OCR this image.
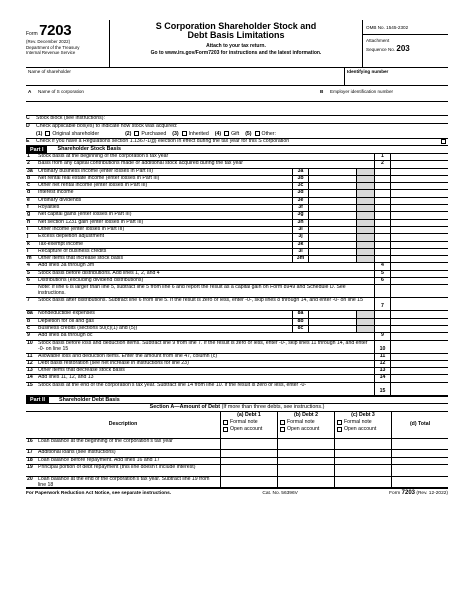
Form 7203
(Rev. December 2022)
Department of the Treasury
Internal Revenue Service
S Corporation Shareholder Stock and
Debt Basis Limitations
Attach to your tax return.
Go to www.irs.gov/Form7203 for instructions and the latest information.
OMB No. 1545-2302
Attachment
Sequence No. 203
Name of shareholder	Identifying number
A Name of S corporation	B Employer identification number
C	Stock block (see instructions):
D	Check applicable box(es) to indicate how stock was acquired:
(1) Original shareholder	(2) Purchased (3) Inherited (4) Gift (5) Other:
E	Check if you have a Regulations section 1.1367-1(g) election in effect during the tax year for this S corporation
Part I	Shareholder Stock Basis
1	Stock basis at the beginning of the corporation’s tax year	1
2	Basis from any capital contributions made or additional stock acquired during the tax year	2
3a	Ordinary business income (enter losses in Part III)	3a
b	Net rental real estate income (enter losses in Part III)	3b
c	Other net rental income (enter losses in Part III)	3c
d	Interest income	3d
e	Ordinary dividends	3e
f	Royalties	3f
g	Net capital gains (enter losses in Part III)	3g
h	Net section 1231 gain (enter losses in Part III)	3h
i	Other income (enter losses in Part III)	3i
j	Excess depletion adjustment	3j
k	Tax-exempt income	3k
l	Recapture of business credits	3l
m	Other items that increase stock basis	3m
4	Add lines 3a through 3m	4
5	Stock basis before distributions. Add lines 1, 2, and 4	5
6	Distributions (excluding dividend distributions)	6
Note: If line 6 is larger than line 5, subtract line 5 from line 6 and report the result as a capital gain on Form 8949 and Schedule D. See instructions.
7	Stock basis after distributions. Subtract line 6 from line 5. If the result is zero or less, enter -0-, skip lines 8 through 14, and enter -0- on line 15
7
8a	Nondeductible expenses	8a
b	Depletion for oil and gas	8b
c	Business credits (sections 50(c)(1) and (5))	8c
9	Add lines 8a through 8c	9
10	Stock basis before loss and deduction items. Subtract line 9 from line 7. If the result is zero or less, enter -0-, skip lines 11 through 14, and enter -0- on line 15	10
11	Allowable loss and deduction items. Enter the amount from line 47, column (c)	11
12	Debt basis restoration (see net increase in instructions for line 23)	12
13	Other items that decrease stock basis	13
14	Add lines 11, 12, and 13	14
15	Stock basis at the end of the corporation’s tax year. Subtract line 14 from line 10. If the result is zero or less, enter -0-
15
Part II	Shareholder Debt Basis
Section A—Amount of Debt (If more than three debts, see instructions.)
Description
(a) Debt 1
Formal note
Open account
(b) Debt 2
Formal note
Open account
(c) Debt 3
Formal note
Open account
(d) Total
16	Loan balance at the beginning of the corporation’s tax year
17	Additional loans (see instructions)
18	Loan balance before repayment. Add lines 16 and 17
19	Principal portion of debt repayment (this line doesn’t include interest)
20	Loan balance at the end of the corporation’s tax year. Subtract line 19 from line 18
For Paperwork Reduction Act Notice, see separate instructions.	Cat. No. 56396V	Form 7203 (Rev. 12-2022)
